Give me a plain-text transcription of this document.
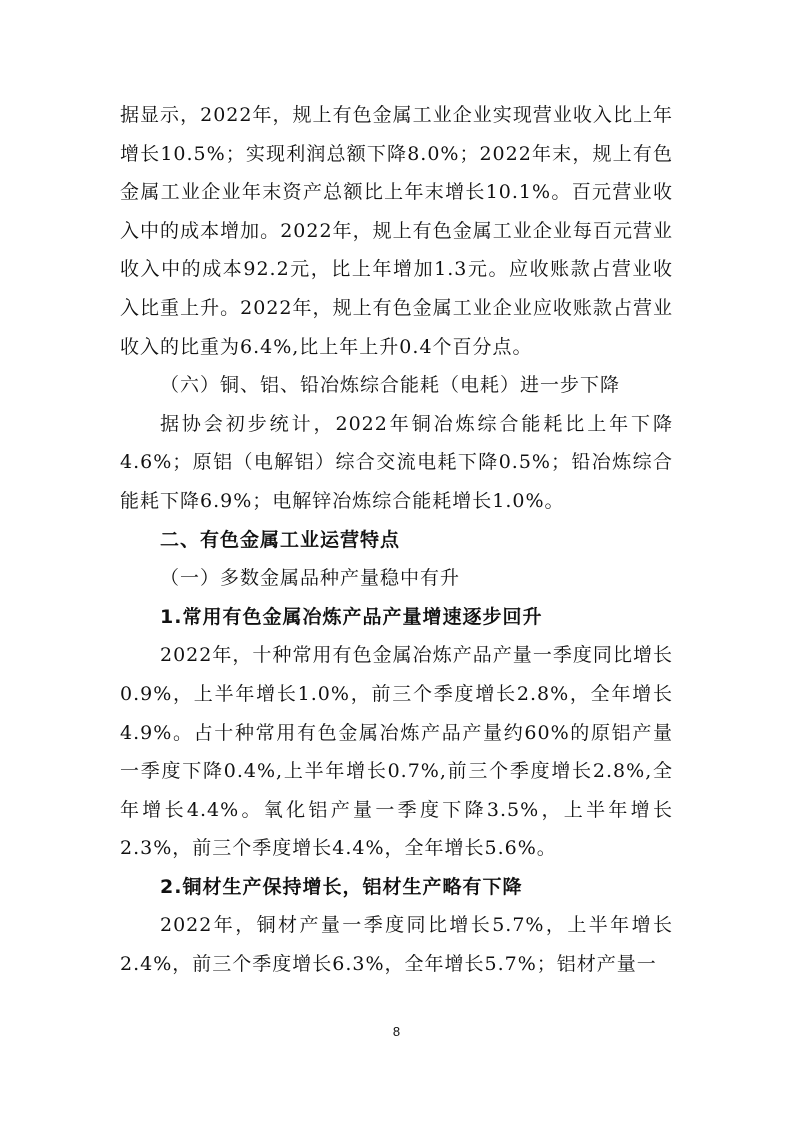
据显示，2022年，规上有色金属工业企业实现营业收入比上年增长10.5%；实现利润总额下降8.0%；2022年末，规上有色金属工业企业年末资产总额比上年末增长10.1%。百元营业收入中的成本增加。2022年，规上有色金属工业企业每百元营业收入中的成本92.2元，比上年增加1.3元。应收账款占营业收入比重上升。2022年，规上有色金属工业企业应收账款占营业收入的比重为6.4%,比上年上升0.4个百分点。

（六）铜、铝、铅冶炼综合能耗（电耗）进一步下降

据协会初步统计，2022年铜冶炼综合能耗比上年下降4.6%；原铝（电解铝）综合交流电耗下降0.5%；铅冶炼综合能耗下降6.9%；电解锌冶炼综合能耗增长1.0%。

二、有色金属工业运营特点

（一）多数金属品种产量稳中有升

1.常用有色金属冶炼产品产量增速逐步回升

2022年，十种常用有色金属冶炼产品产量一季度同比增长0.9%，上半年增长1.0%，前三个季度增长2.8%，全年增长4.9%。占十种常用有色金属冶炼产品产量约60%的原铝产量一季度下降0.4%,上半年增长0.7%,前三个季度增长2.8%,全年增长4.4%。氧化铝产量一季度下降3.5%，上半年增长2.3%，前三个季度增长4.4%，全年增长5.6%。

2.铜材生产保持增长，铝材生产略有下降

2022年，铜材产量一季度同比增长5.7%，上半年增长2.4%，前三个季度增长6.3%，全年增长5.7%；铝材产量一

8
